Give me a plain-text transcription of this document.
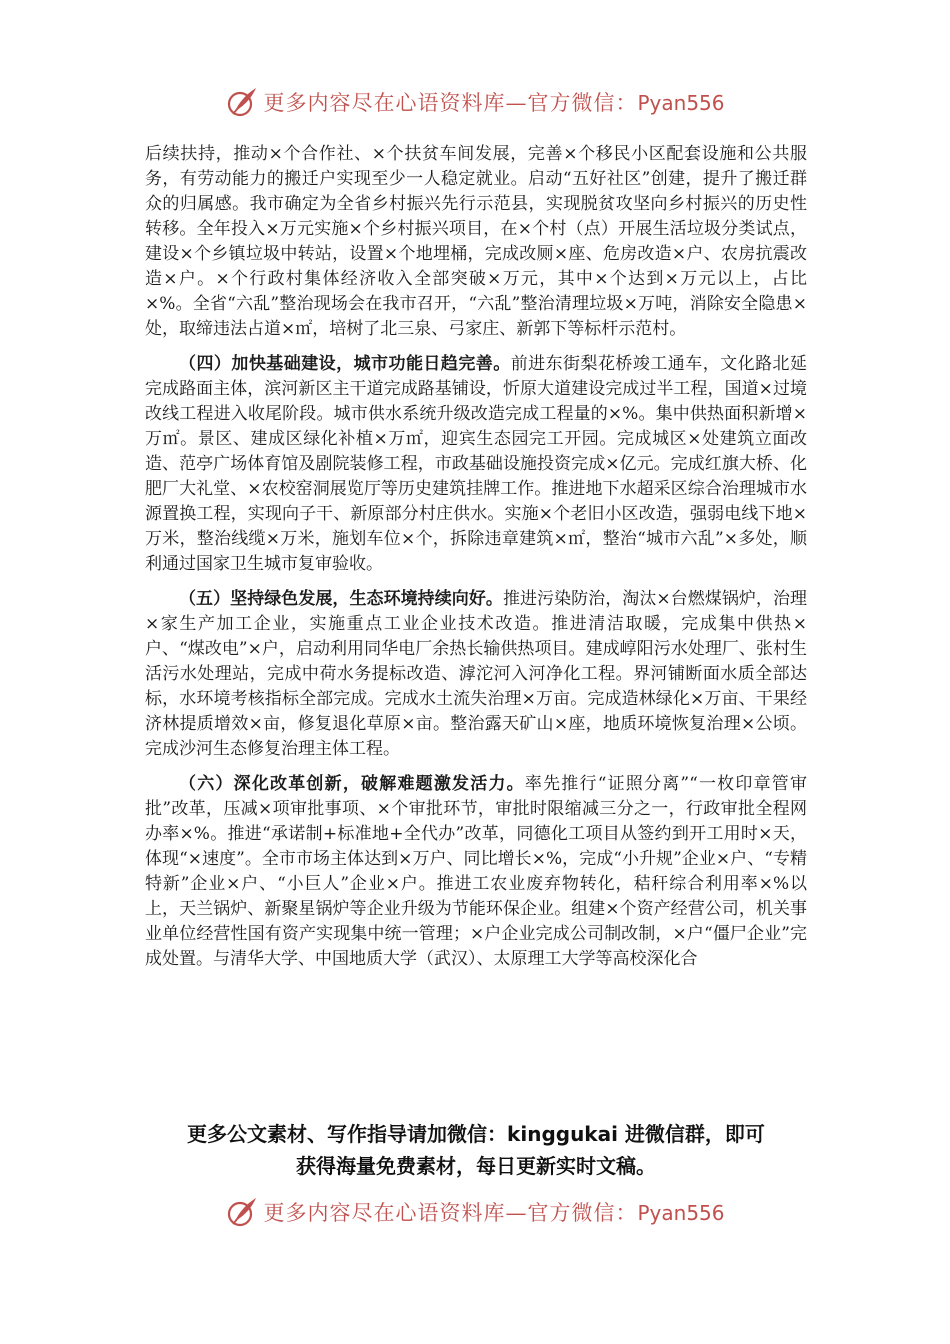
更多内容尽在心语资料库—官方微信：Pyan556

后续扶持，推动×个合作社、×个扶贫车间发展，完善×个移民小区配套设施和公共服务，有劳动能力的搬迁户实现至少一人稳定就业。启动“五好社区”创建，提升了搬迁群众的归属感。我市确定为全省乡村振兴先行示范县，实现脱贫攻坚向乡村振兴的历史性转移。全年投入×万元实施×个乡村振兴项目，在×个村（点）开展生活垃圾分类试点，建设×个乡镇垃圾中转站，设置×个地埋桶，完成改厕×座、危房改造×户、农房抗震改造×户。×个行政村集体经济收入全部突破×万元，其中×个达到×万元以上，占比×%。全省“六乱”整治现场会在我市召开，“六乱”整治清理垃圾×万吨，消除安全隐患×处，取缔违法占道×㎡，培树了北三泉、弓家庄、新郭下等标杆示范村。

（四）加快基础建设，城市功能日趋完善。前进东街梨花桥竣工通车，文化路北延完成路面主体，滨河新区主干道完成路基铺设，忻原大道建设完成过半工程，国道×过境改线工程进入收尾阶段。城市供水系统升级改造完成工程量的×%。集中供热面积新增×万㎡。景区、建成区绿化补植×万㎡，迎宾生态园完工开园。完成城区×处建筑立面改造、范亭广场体育馆及剧院装修工程，市政基础设施投资完成×亿元。完成红旗大桥、化肥厂大礼堂、×农校窑洞展览厅等历史建筑挂牌工作。推进地下水超采区综合治理城市水源置换工程，实现向子干、新原部分村庄供水。实施×个老旧小区改造，强弱电线下地×万米，整治线缆×万米，施划车位×个，拆除违章建筑×㎡，整治“城市六乱”×多处，顺利通过国家卫生城市复审验收。

（五）坚持绿色发展，生态环境持续向好。推进污染防治，淘汰×台燃煤锅炉，治理×家生产加工企业，实施重点工业企业技术改造。推进清洁取暖，完成集中供热×户、“煤改电”×户，启动利用同华电厂余热长输供热项目。建成崞阳污水处理厂、张村生活污水处理站，完成中荷水务提标改造、滹沱河入河净化工程。界河铺断面水质全部达标，水环境考核指标全部完成。完成水土流失治理×万亩。完成造林绿化×万亩、干果经济林提质增效×亩，修复退化草原×亩。整治露天矿山×座，地质环境恢复治理×公顷。完成沙河生态修复治理主体工程。

（六）深化改革创新，破解难题激发活力。率先推行“证照分离”“一枚印章管审批”改革，压减×项审批事项、×个审批环节，审批时限缩减三分之一，行政审批全程网办率×%。推进“承诺制+标准地+全代办”改革，同德化工项目从签约到开工用时×天，体现“×速度”。全市市场主体达到×万户、同比增长×%，完成“小升规”企业×户、“专精特新”企业×户、“小巨人”企业×户。推进工农业废弃物转化，秸秆综合利用率×%以上，天兰锅炉、新聚星锅炉等企业升级为节能环保企业。组建×个资产经营公司，机关事业单位经营性国有资产实现集中统一管理；×户企业完成公司制改制，×户“僵尸企业”完成处置。与清华大学、中国地质大学（武汉）、太原理工大学等高校深化合

更多公文素材、写作指导请加微信：kinggukai 进微信群，即可
获得海量免费素材，每日更新实时文稿。
更多内容尽在心语资料库—官方微信：Pyan556
